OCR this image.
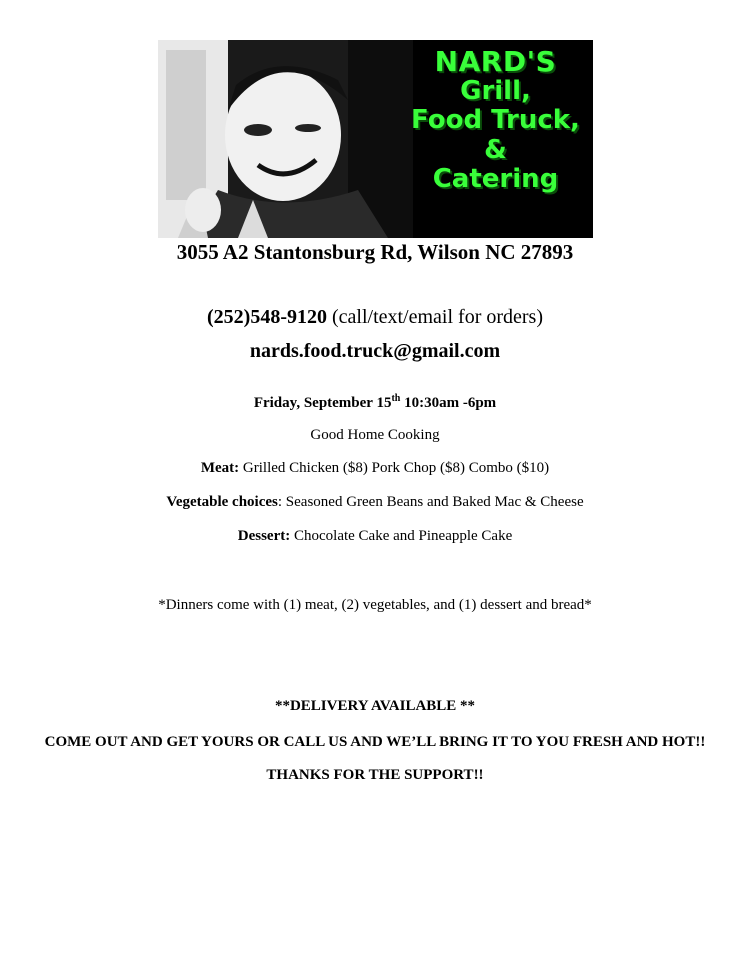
NARD'S
Grill,
Food Truck,
&
Catering
3055 A2 Stantonsburg Rd, Wilson NC 27893
(252)548-9120 (call/text/email for orders)
nards.food.truck@gmail.com
Friday, September 15th 10:30am -6pm
Good Home Cooking
Meat: Grilled Chicken ($8) Pork Chop ($8) Combo ($10)
Vegetable choices: Seasoned Green Beans and Baked Mac & Cheese
Dessert: Chocolate Cake and Pineapple Cake
*Dinners come with (1) meat, (2) vegetables, and (1) dessert and bread*
**DELIVERY AVAILABLE **
COME OUT AND GET YOURS OR CALL US AND WE’LL BRING IT TO YOU FRESH AND HOT!!
THANKS FOR THE SUPPORT!!
